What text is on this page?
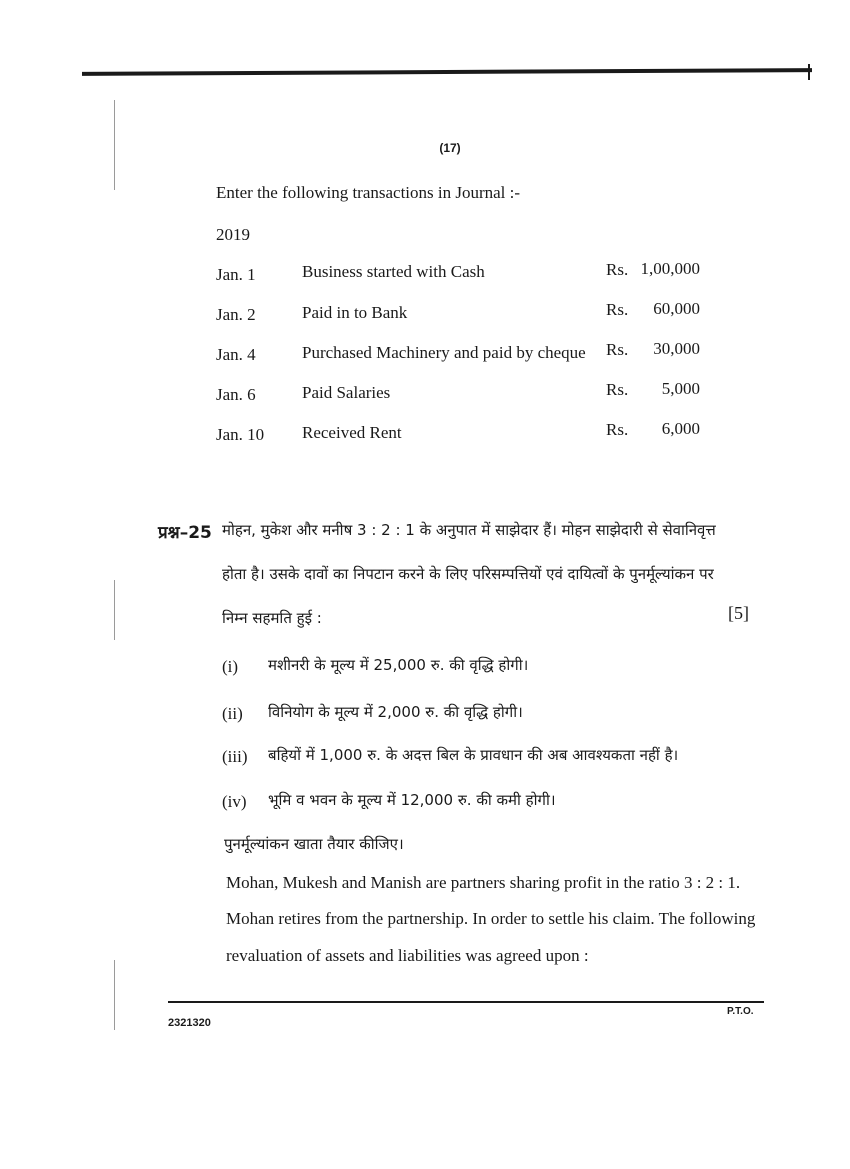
(17)
Enter the following transactions in Journal :-
2019
Jan. 1	Business started with Cash	Rs. 1,00,000
Jan. 2	Paid in to Bank	Rs.	60,000
Jan. 4	Purchased Machinery and paid by cheque Rs.	30,000
Jan. 6	Paid Salaries	Rs.	5,000
Jan. 10 Received Rent	Rs.	6,000
प्रश्न–25 मोहन, मुकेश और मनीष 3 : 2 : 1 के अनुपात में साझेदार हैं। मोहन साझेदारी से सेवानिवृत्त
होता है। उसके दावों का निपटान करने के लिए परिसम्पत्तियों एवं दायित्वों के पुनर्मूल्यांकन पर
निम्न सहमति हुई :	[5]
(i) मशीनरी के मूल्य में 25,000 रु. की वृद्धि होगी।
(ii) विनियोग के मूल्य में 2,000 रु. की वृद्धि होगी।
(iii) बहियों में 1,000 रु. के अदत्त बिल के प्रावधान की अब आवश्यकता नहीं है।
(iv) भूमि व भवन के मूल्य में 12,000 रु. की कमी होगी।
पुनर्मूल्यांकन खाता तैयार कीजिए।
Mohan, Mukesh and Manish are partners sharing profit in the ratio 3 : 2 : 1.
Mohan retires from the partnership. In order to settle his claim. The following
revaluation of assets and liabilities was agreed upon :
2321320
P.T.O.
